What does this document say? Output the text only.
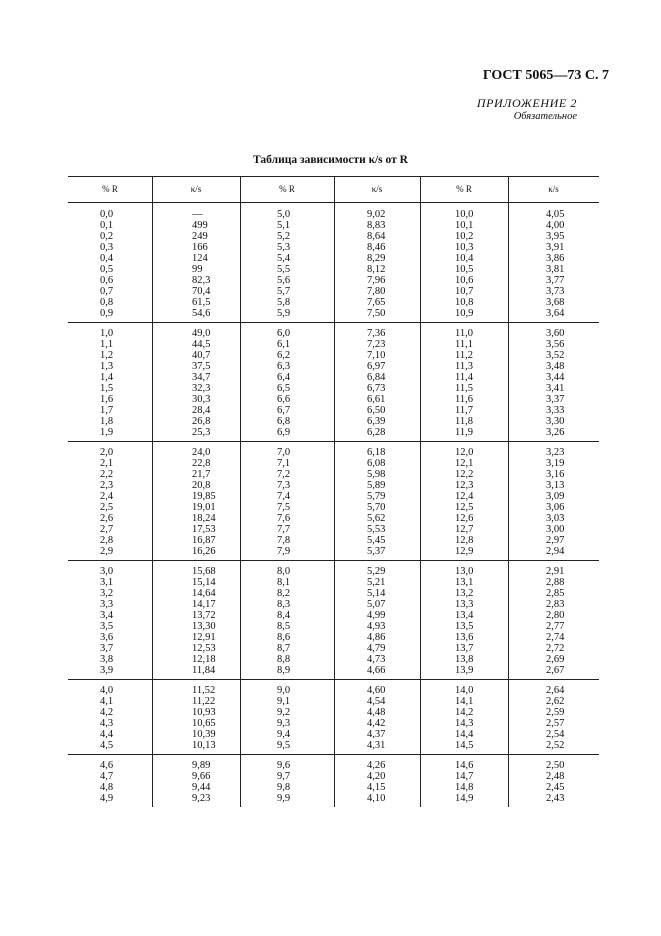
ГОСТ 5065—73 С. 7
ПРИЛОЖЕНИЕ 2
Обязательное
Таблица зависимости κ/s от R
% R	κ/s	% R	κ/s	% R	κ/s
0,0	—	5,0	9,02	10,0	4,05
0,1	499	5,1	8,83	10,1	4,00
0,2	249	5,2	8,64	10,2	3,95
0,3	166	5,3	8,46	10,3	3,91
0,4	124	5,4	8,29	10,4	3,86
0,5	99	5,5	8,12	10,5	3,81
0,6	82,3	5,6	7,96	10,6	3,77
0,7	70,4	5,7	7,80	10,7	3,73
0,8	61,5	5,8	7,65	10,8	3,68
0,9	54,6	5,9	7,50	10,9	3,64
1,0	49,0	6,0	7,36	11,0	3,60
1,1	44,5	6,1	7,23	11,1	3,56
1,2	40,7	6,2	7,10	11,2	3,52
1,3	37,5	6,3	6,97	11,3	3,48
1,4	34,7	6,4	6,84	11,4	3,44
1,5	32,3	6,5	6,73	11,5	3,41
1,6	30,3	6,6	6,61	11,6	3,37
1,7	28,4	6,7	6,50	11,7	3,33
1,8	26,8	6,8	6,39	11,8	3,30
1,9	25,3	6,9	6,28	11,9	3,26
2,0	24,0	7,0	6,18	12,0	3,23
2,1	22,8	7,1	6,08	12,1	3,19
2,2	21,7	7,2	5,98	12,2	3,16
2,3	20,8	7,3	5,89	12,3	3,13
2,4	19,85	7,4	5,79	12,4	3,09
2,5	19,01	7,5	5,70	12,5	3,06
2,6	18,24	7,6	5,62	12,6	3,03
2,7	17,53	7,7	5,53	12,7	3,00
2,8	16,87	7,8	5,45	12,8	2,97
2,9	16,26	7,9	5,37	12,9	2,94
3,0	15,68	8,0	5,29	13,0	2,91
3,1	15,14	8,1	5,21	13,1	2,88
3,2	14,64	8,2	5,14	13,2	2,85
3,3	14,17	8,3	5,07	13,3	2,83
3,4	13,72	8,4	4,99	13,4	2,80
3,5	13,30	8,5	4,93	13,5	2,77
3,6	12,91	8,6	4,86	13,6	2,74
3,7	12,53	8,7	4,79	13,7	2,72
3,8	12,18	8,8	4,73	13,8	2,69
3,9	11,84	8,9	4,66	13,9	2,67
4,0	11,52	9,0	4,60	14,0	2,64
4,1	11,22	9,1	4,54	14,1	2,62
4,2	10,93	9,2	4,48	14,2	2,59
4,3	10,65	9,3	4,42	14,3	2,57
4,4	10,39	9,4	4,37	14,4	2,54
4,5	10,13	9,5	4,31	14,5	2,52
4,6	9,89	9,6	4,26	14,6	2,50
4,7	9,66	9,7	4,20	14,7	2,48
4,8	9,44	9,8	4,15	14,8	2,45
4,9	9,23	9,9	4,10	14,9	2,43
